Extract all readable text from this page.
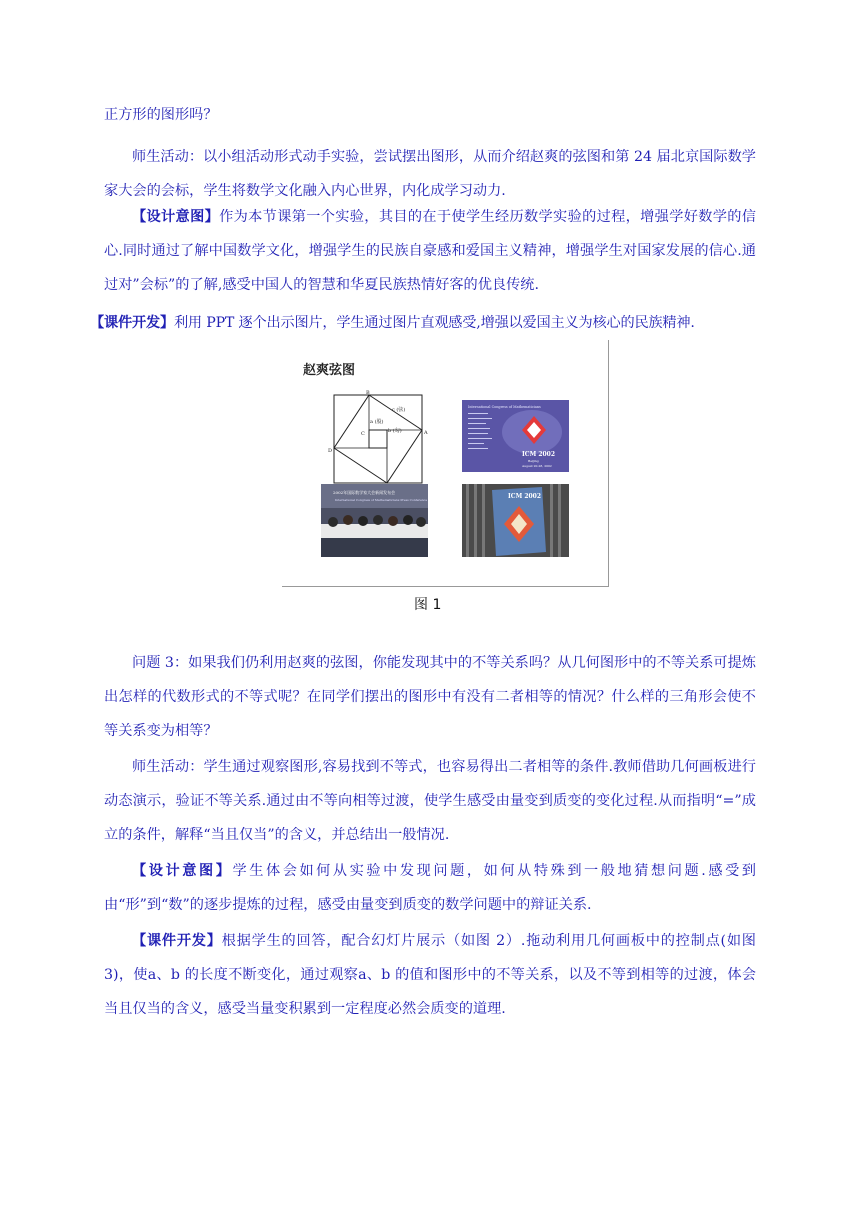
正方形的图形吗？

师生活动：以小组活动形式动手实验，尝试摆出图形，从而介绍赵爽的弦图和第 24 届北京国际数学家大会的会标，学生将数学文化融入内心世界，内化成学习动力.

【设计意图】作为本节课第一个实验，其目的在于使学生经历数学实验的过程，增强学好数学的信心.同时通过了解中国数学文化，增强学生的民族自豪感和爱国主义精神，增强学生对国家发展的信心.通过对”会标”的了解,感受中国人的智慧和华夏民族热情好客的优良传统.

【课件开发】利用 PPT 逐个出示图片，学生通过图片直观感受,增强以爱国主义为核心的民族精神.

赵爽弦图
B
C	A
D
c (弦)
a (股)
b (勾)
International Congress of Mathematicians
ICM 2002
Beijing
August 20-28, 2002
2002年国际数学家大会新闻发布会
International Congress of Mathematicians Press Conference	ICM 2002
图 1

问题 3：如果我们仍利用赵爽的弦图，你能发现其中的不等关系吗？从几何图形中的不等关系可提炼出怎样的代数形式的不等式呢？在同学们摆出的图形中有没有二者相等的情况？什么样的三角形会使不等关系变为相等？

师生活动：学生通过观察图形,容易找到不等式，也容易得出二者相等的条件.教师借助几何画板进行动态演示，验证不等关系.通过由不等向相等过渡，使学生感受由量变到质变的变化过程.从而指明“=”成立的条件，解释“当且仅当”的含义，并总结出一般情况.

【设计意图】学生体会如何从实验中发现问题，如何从特殊到一般地猜想问题.感受到由“形”到“数”的逐步提炼的过程，感受由量变到质变的数学问题中的辩证关系.

【课件开发】根据学生的回答，配合幻灯片展示（如图 2）.拖动利用几何画板中的控制点(如图 3)，使a、b 的长度不断变化，通过观察a、b 的值和图形中的不等关系，以及不等到相等的过渡，体会当且仅当的含义，感受当量变积累到一定程度必然会质变的道理.
